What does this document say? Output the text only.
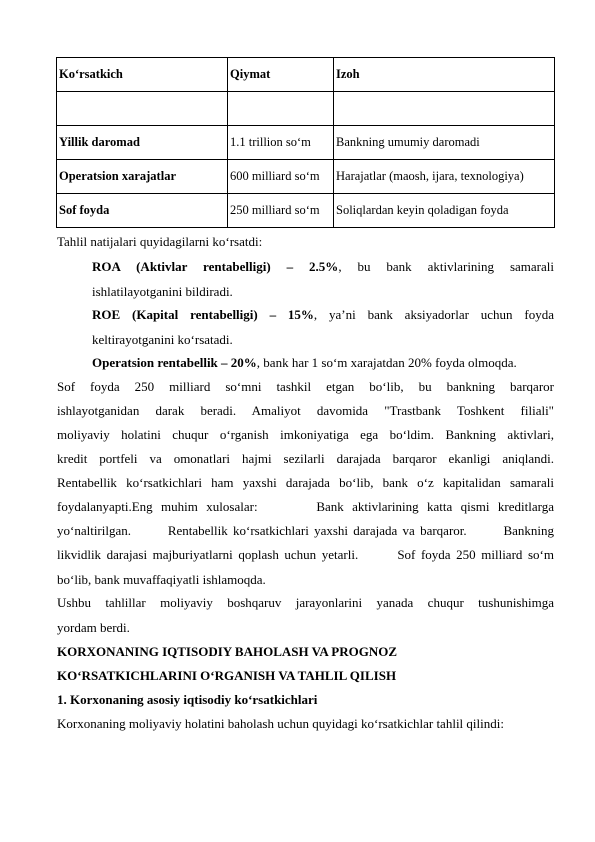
Ko‘rsatkich	Qiymat	Izoh

Yillik daromad	1.1 trillion so‘m	Bankning umumiy daromadi
Operatsion xarajatlar	600 milliard so‘m	Harajatlar (maosh, ijara, texnologiya)
Sof foyda	250 milliard so‘m	Soliqlardan keyin qoladigan foyda
Tahlil natijalari quyidagilarni ko‘rsatdi:
ROA (Aktivlar rentabelligi) – 2.5%, bu bank aktivlarining samarali
ishlatilayotganini bildiradi.
ROE (Kapital rentabelligi) – 15%, ya’ni bank aksiyadorlar uchun foyda
keltirayotganini ko‘rsatadi.
Operatsion rentabellik – 20%, bank har 1 so‘m xarajatdan 20% foyda olmoqda.
Sof foyda 250 milliard so‘mni tashkil etgan bo‘lib, bu bankning barqaror
ishlayotganidan darak beradi. Amaliyot davomida "Trastbank Toshkent filiali"
moliyaviy holatini chuqur o‘rganish imkoniyatiga ega bo‘ldim. Bankning aktivlari,
kredit portfeli va omonatlari hajmi sezilarli darajada barqaror ekanligi aniqlandi.
Rentabellik ko‘rsatkichlari ham yaxshi darajada bo‘lib, bank o‘z kapitalidan samarali
foydalanyapti.Eng muhim xulosalar:       Bank aktivlarining katta qismi kreditlarga
yo‘naltirilgan.       Rentabellik ko‘rsatkichlari yaxshi darajada va barqaror.       Bankning
likvidlik darajasi majburiyatlarni qoplash uchun yetarli.       Sof foyda 250 milliard so‘m
bo‘lib, bank muvaffaqiyatli ishlamoqda.
Ushbu tahlillar moliyaviy boshqaruv jarayonlarini yanada chuqur tushunishimga
yordam berdi.
KORXONANING IQTISODIY BAHOLASH VA PROGNOZ
KO‘RSATKICHLARINI O‘RGANISH VA TAHLIL QILISH
1. Korxonaning asosiy iqtisodiy ko‘rsatkichlari
Korxonaning moliyaviy holatini baholash uchun quyidagi ko‘rsatkichlar tahlil qilindi:
